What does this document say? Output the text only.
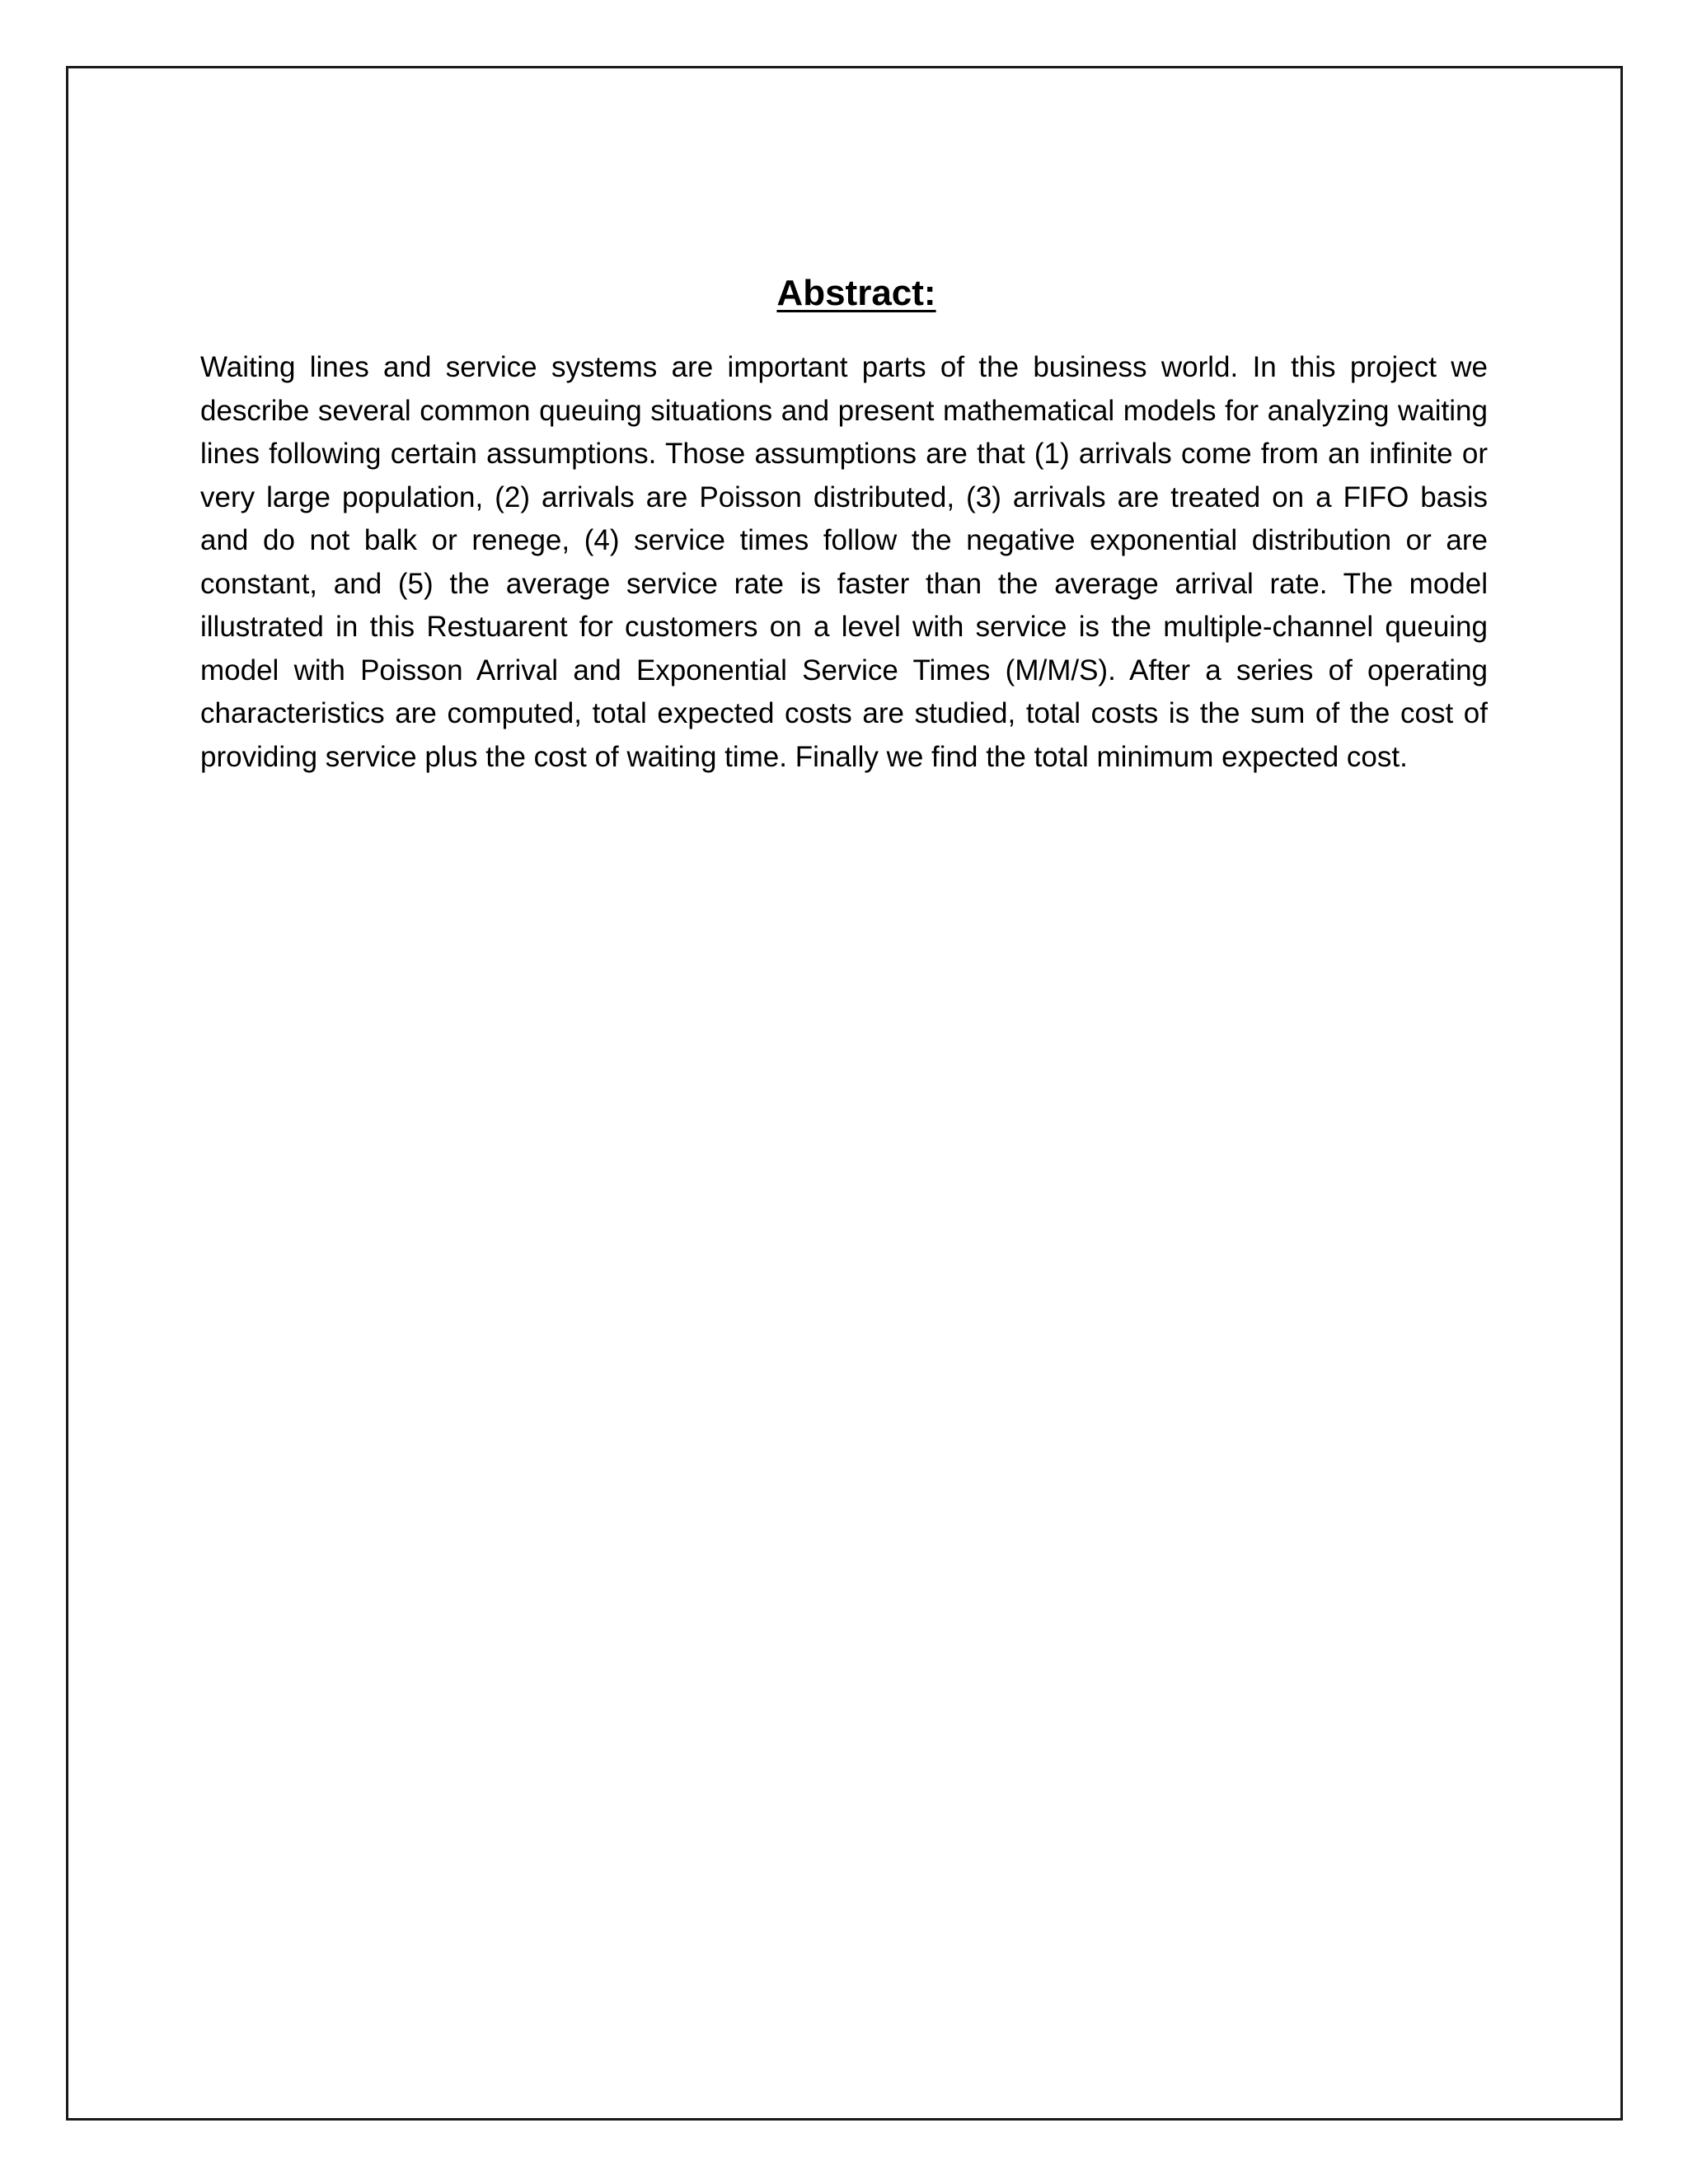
Abstract:

Waiting lines and service systems are important parts of the business world. In this project we describe several common queuing situations and present mathematical models for analyzing waiting lines following certain assumptions. Those assumptions are that (1) arrivals come from an infinite or very large population, (2) arrivals are Poisson distributed, (3) arrivals are treated on a FIFO basis and do not balk or renege, (4) service times follow the negative exponential distribution or are constant, and (5) the average service rate is faster than the average arrival rate. The model illustrated in this Restuarent for customers on a level with service is the multiple-channel queuing model with Poisson Arrival and Exponential Service Times (M/M/S). After a series of operating characteristics are computed, total expected costs are studied, total costs is the sum of the cost of providing service plus the cost of waiting time. Finally we find the total minimum expected cost.
